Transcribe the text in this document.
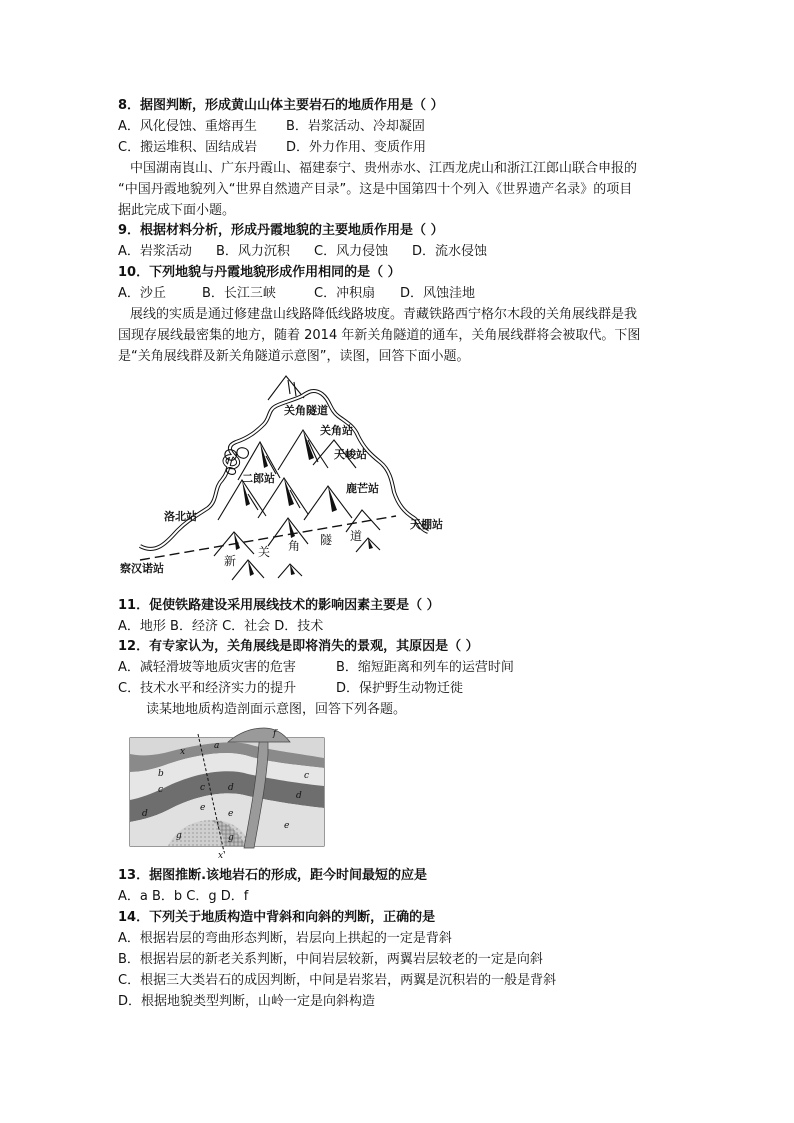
8．据图判断，形成黄山山体主要岩石的地质作用是（ ）
A．风化侵蚀、重熔再生 B．岩浆活动、冷却凝固
C．搬运堆积、固结成岩 D．外力作用、变质作用
中国湖南崀山、广东丹霞山、福建泰宁、贵州赤水、江西龙虎山和浙江江郎山联合申报的
“中国丹霞地貌列入“世界自然遗产目录”。这是中国第四十个列入《世界遗产名录》的项目
据此完成下面小题。
9．根据材料分析，形成丹霞地貌的主要地质作用是（ ）
A．岩浆活动 B．风力沉积 C．风力侵蚀 D．流水侵蚀
10．下列地貌与丹霞地貌形成作用相同的是（ ）
A．沙丘	B．长江三峡	C．冲积扇 D．风蚀洼地
展线的实质是通过修建盘山线路降低线路坡度。青藏铁路西宁格尔木段的关角展线群是我
国现存展线最密集的地方，随着 2014 年新关角隧道的通车，关角展线群将会被取代。下图
是“关角展线群及新关角隧道示意图”，读图，回答下面小题。
关角隧道
关角站
天峻站
二郎站
鹿芒站
洛北站
天棚站
察汉诺站
新
关 角 隧 道
11．促使铁路建设采用展线技术的影响因素主要是（ ）
A．地形 B．经济 C．社会 D．技术
12．有专家认为，关角展线是即将消失的景观，其原因是（ ）
A．减轻滑坡等地质灾害的危害	B．缩短距离和列车的运营时间
C．技术水平和经济实力的提升	D．保护野生动物迁徙
读某地地质构造剖面示意图，回答下列各题。
x
a
f
b
c
c
d
d
c
d
e
e
g	g
e
x'
13．据图推断.该地岩石的形成，距今时间最短的应是
A．a B．b C．g D．f
14．下列关于地质构造中背斜和向斜的判断，正确的是
A．根据岩层的弯曲形态判断，岩层向上拱起的一定是背斜
B．根据岩层的新老关系判断，中间岩层较新，两翼岩层较老的一定是向斜
C．根据三大类岩石的成因判断，中间是岩浆岩，两翼是沉积岩的一般是背斜
D．根据地貌类型判断，山岭一定是向斜构造
